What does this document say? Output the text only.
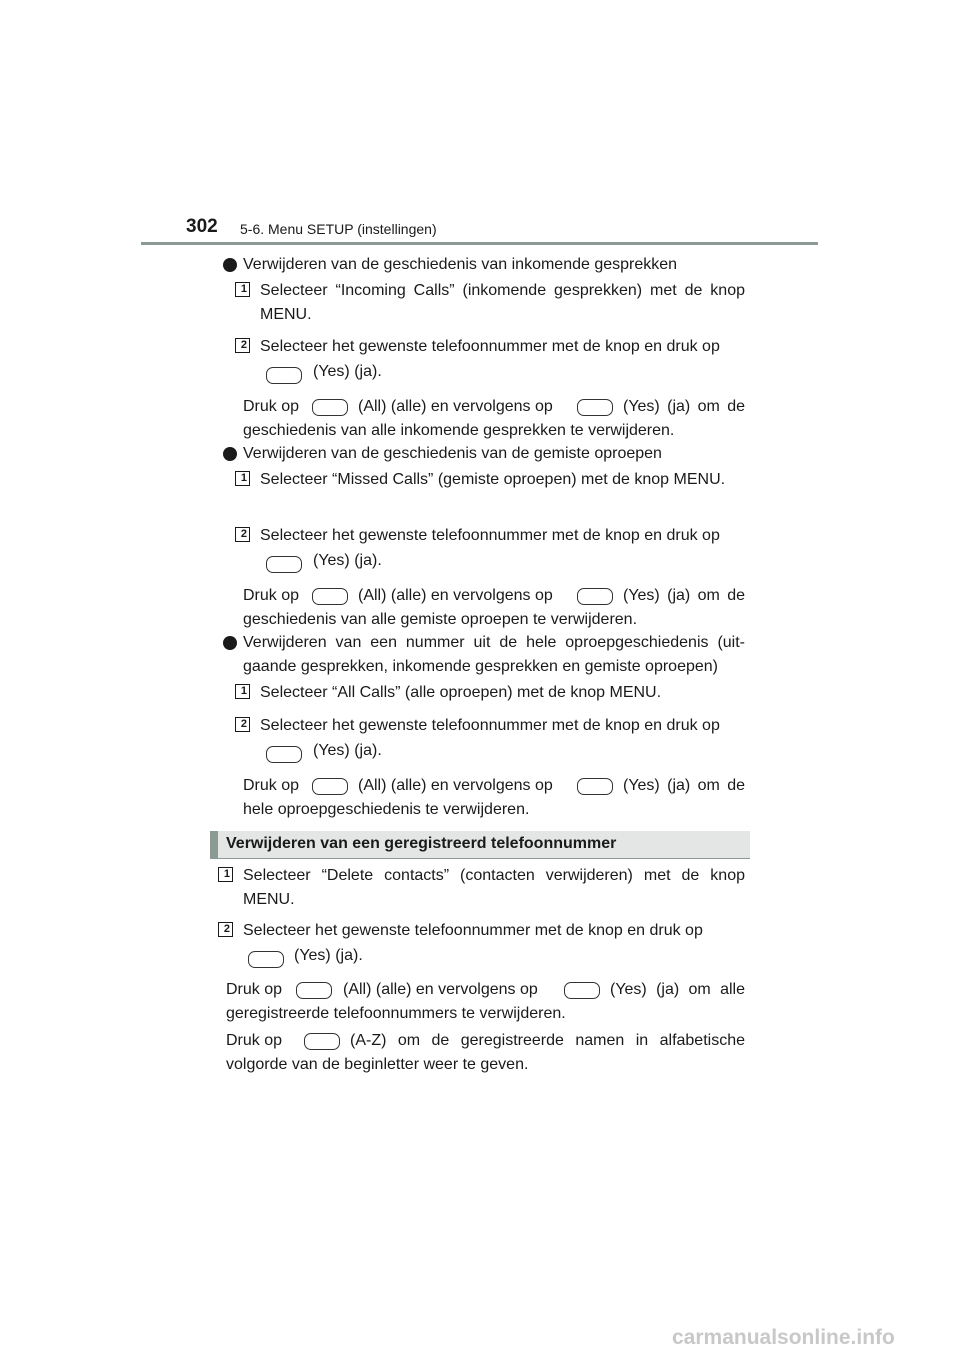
302 5-6. Menu SETUP (instellingen)
Verwijderen van de geschiedenis van inkomende gesprekken
1 Selecteer “Incoming Calls” (inkomende gesprekken) met de knop MENU.
2 Selecteer het gewenste telefoonnummer met de knop en druk op
(Yes) (ja).
Druk op	(All) (alle) en vervolgens op	(Yes) (ja) om de
geschiedenis van alle inkomende gesprekken te verwijderen.
Verwijderen van de geschiedenis van de gemiste oproepen
1 Selecteer “Missed Calls” (gemiste oproepen) met de knop MENU.
2 Selecteer het gewenste telefoonnummer met de knop en druk op
(Yes) (ja).
Druk op	(All) (alle) en vervolgens op	(Yes) (ja) om de
geschiedenis van alle gemiste oproepen te verwijderen.
Verwijderen van een nummer uit de hele oproepgeschiedenis (uit-gaande gesprekken, inkomende gesprekken en gemiste oproepen)
1 Selecteer “All Calls” (alle oproepen) met de knop MENU.
2 Selecteer het gewenste telefoonnummer met de knop en druk op
(Yes) (ja).
Druk op	(All) (alle) en vervolgens op	(Yes) (ja) om de
hele oproepgeschiedenis te verwijderen.
Verwijderen van een geregistreerd telefoonnummer
1 Selecteer “Delete contacts” (contacten verwijderen) met de knop MENU.
2 Selecteer het gewenste telefoonnummer met de knop en druk op
(Yes) (ja).
Druk op	(All) (alle) en vervolgens op	(Yes) (ja) om alle
geregistreerde telefoonnummers te verwijderen.
Druk op	(A-Z) om de geregistreerde namen in alfabetische volgorde van de beginletter weer te geven.
carmanualsonline.info
